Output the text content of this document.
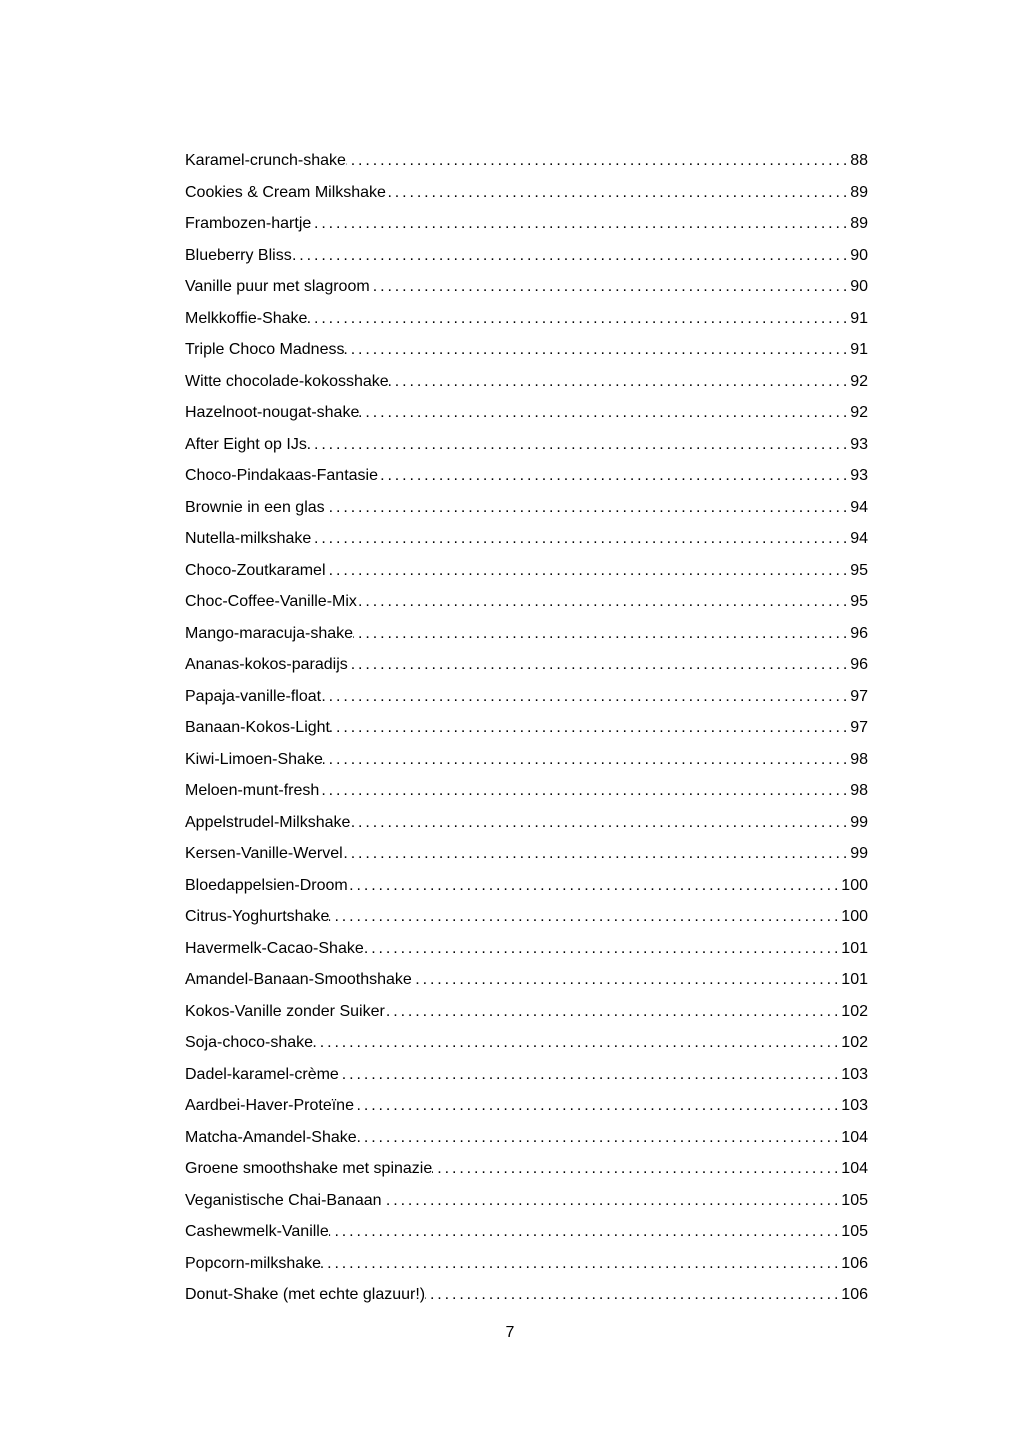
Karamel-crunch-shake .....	88
Cookies & Cream Milkshake .....	89
Frambozen-hartje .....	89
Blueberry Bliss .....	90
Vanille puur met slagroom .....	90
Melkkoffie-Shake .....	91
Triple Choco Madness .....	91
Witte chocolade-kokosshake .....	92
Hazelnoot-nougat-shake .....	92
After Eight op IJs .....	93
Choco-Pindakaas-Fantasie .....	93
Brownie in een glas .....	94
Nutella-milkshake .....	94
Choco-Zoutkaramel .....	95
Choc-Coffee-Vanille-Mix .....	95
Mango-maracuja-shake .....	96
Ananas-kokos-paradijs .....	96
Papaja-vanille-float .....	97
Banaan-Kokos-Light .....	97
Kiwi-Limoen-Shake .....	98
Meloen-munt-fresh .....	98
Appelstrudel-Milkshake .....	99
Kersen-Vanille-Wervel .....	99
Bloedappelsien-Droom .....	100
Citrus-Yoghurtshake .....	100
Havermelk-Cacao-Shake .....	101
Amandel-Banaan-Smoothshake .....	101
Kokos-Vanille zonder Suiker .....	102
Soja-choco-shake .....	102
Dadel-karamel-crème .....	103
Aardbei-Haver-Proteïne .....	103
Matcha-Amandel-Shake .....	104
Groene smoothshake met spinazie .....	104
Veganistische Chai-Banaan .....	105
Cashewmelk-Vanille .....	105
Popcorn-milkshake .....	106
Donut-Shake (met echte glazuur!) .....	106
7
